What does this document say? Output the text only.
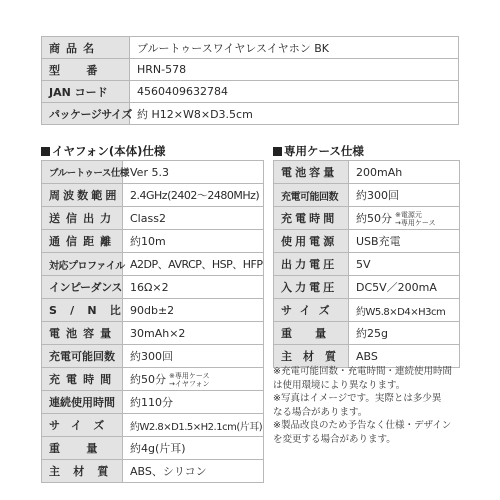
商品名	ブルートゥースワイヤレスイヤホン BK
型番	HRN-578
JAN コード	4560409632784
パッケージサイズ	約 H12×W8×D3.5cm
イヤフォン(本体)仕様	専用ケース仕様
ブルートゥース仕様	Ver 5.3
周波数範囲	2.4GHz(2402〜2480MHz)
送信出力	Class2
通信距離	約10m
対応プロファイル	A2DP、AVRCP、HSP、HFP
インピーダンス	16Ω×2
S/N比	90db±2
電池容量	30mAh×2
充電可能回数	約300回
充電時間	約50分 ※専用ケース
→イヤフォン
連続使用時間	約110分
サイズ	約W2.8×D1.5×H2.1cm(片耳)
重量	約4g(片耳)
主材質	ABS、シリコン
電池容量	200mAh
充電可能回数	約300回
充電時間	約50分 ※電源元
→専用ケース
使用電源	USB充電
出力電圧	5V
入力電圧	DC5V／200mA
サイズ	約W5.8×D4×H3cm
重量	約25g
主材質	ABS
※充電可能回数・充電時間・連続使用時間
は使用環境により異なります。
※写真はイメージです。実際とは多少異
なる場合があります。
※製品改良のため予告なく仕様・デザイン
を変更する場合があります。
